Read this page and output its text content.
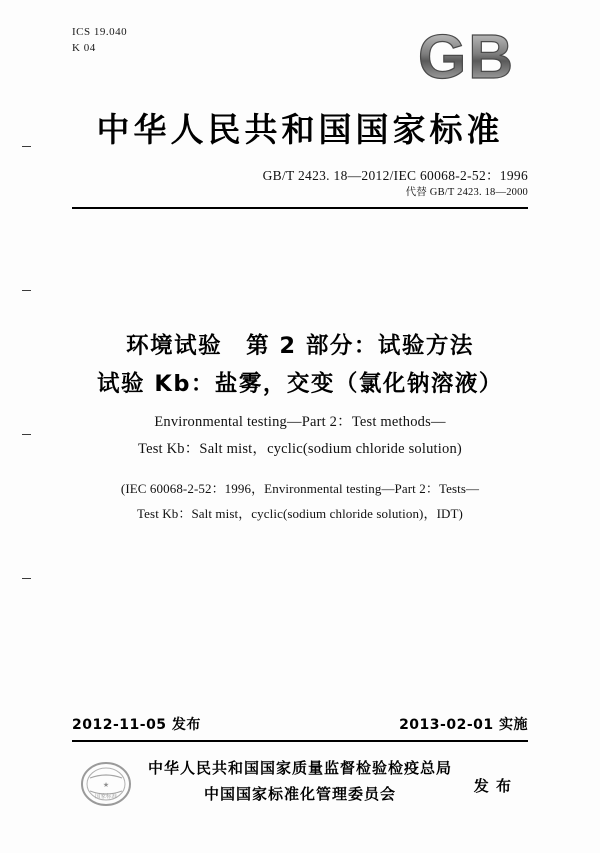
ICS 19.040
K 04	GB
中华人民共和国国家标准
GB/T 2423. 18—2012/IEC 60068-2-52：1996
代替 GB/T 2423. 18—2000
环境试验　第 2 部分：试验方法
试验 Kb：盐雾，交变（氯化钠溶液）
Environmental testing—Part 2：Test methods—
Test Kb：Salt mist，cyclic(sodium chloride solution)
(IEC 60068-2-52：1996，Environmental testing—Part 2：Tests—
Test Kb：Salt mist，cyclic(sodium chloride solution)，IDT)
2012-11-05 发布	2013-02-01 实施
★
国家标准
中华人民共和国国家质量监督检验检疫总局
中国国家标准化管理委员会	发 布
